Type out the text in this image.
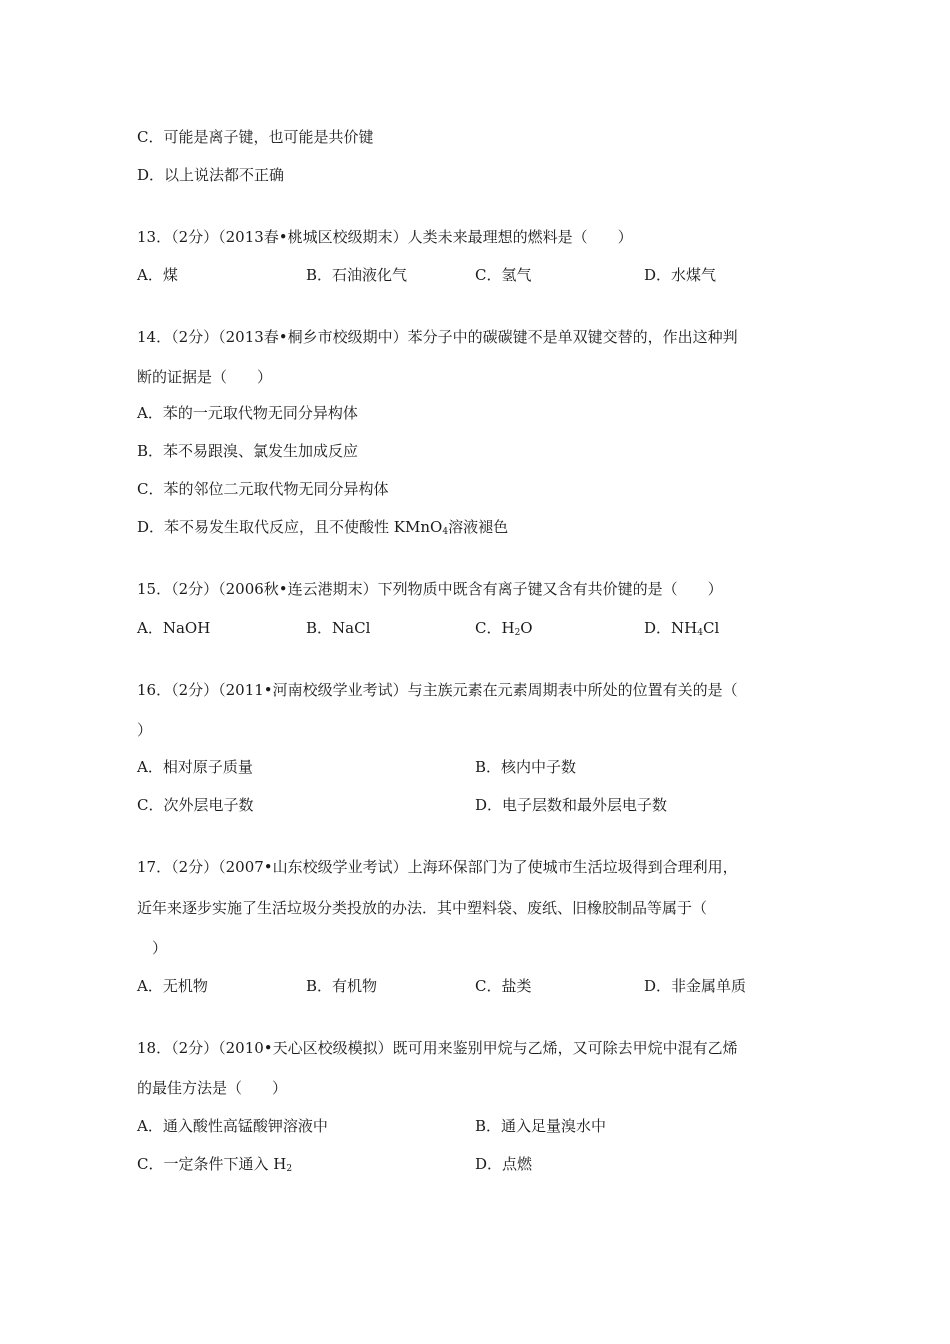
C．可能是离子键，也可能是共价键
D．以上说法都不正确
13．（2分）（2013春•桃城区校级期末）人类未来最理想的燃料是（　　）
A．煤	B．石油液化气	C．氢气	D．水煤气
14．（2分）（2013春•桐乡市校级期中）苯分子中的碳碳键不是单双键交替的，作出这种判
断的证据是（　　）
A．苯的一元取代物无同分异构体
B．苯不易跟溴、氯发生加成反应
C．苯的邻位二元取代物无同分异构体
D．苯不易发生取代反应，且不使酸性 KMnO$_4$溶液褪色
15．（2分）（2006秋•连云港期末）下列物质中既含有离子键又含有共价键的是（　　）
A．NaOH	B．NaCl	C．$H_2O$	D．$NH_4Cl$
16．（2分）（2011•河南校级学业考试）与主族元素在元素周期表中所处的位置有关的是（
）
A．相对原子质量	B．核内中子数
C．次外层电子数	D．电子层数和最外层电子数
17．（2分）（2007•山东校级学业考试）上海环保部门为了使城市生活垃圾得到合理利用，
近年来逐步实施了生活垃圾分类投放的办法．其中塑料袋、废纸、旧橡胶制品等属于（
）
A．无机物	B．有机物	C．盐类	D．非金属单质
18．（2分）（2010•天心区校级模拟）既可用来鉴别甲烷与乙烯，又可除去甲烷中混有乙烯
的最佳方法是（　　）
A．通入酸性高锰酸钾溶液中	B．通入足量溴水中
C．一定条件下通入 $H_2$	D．点燃
